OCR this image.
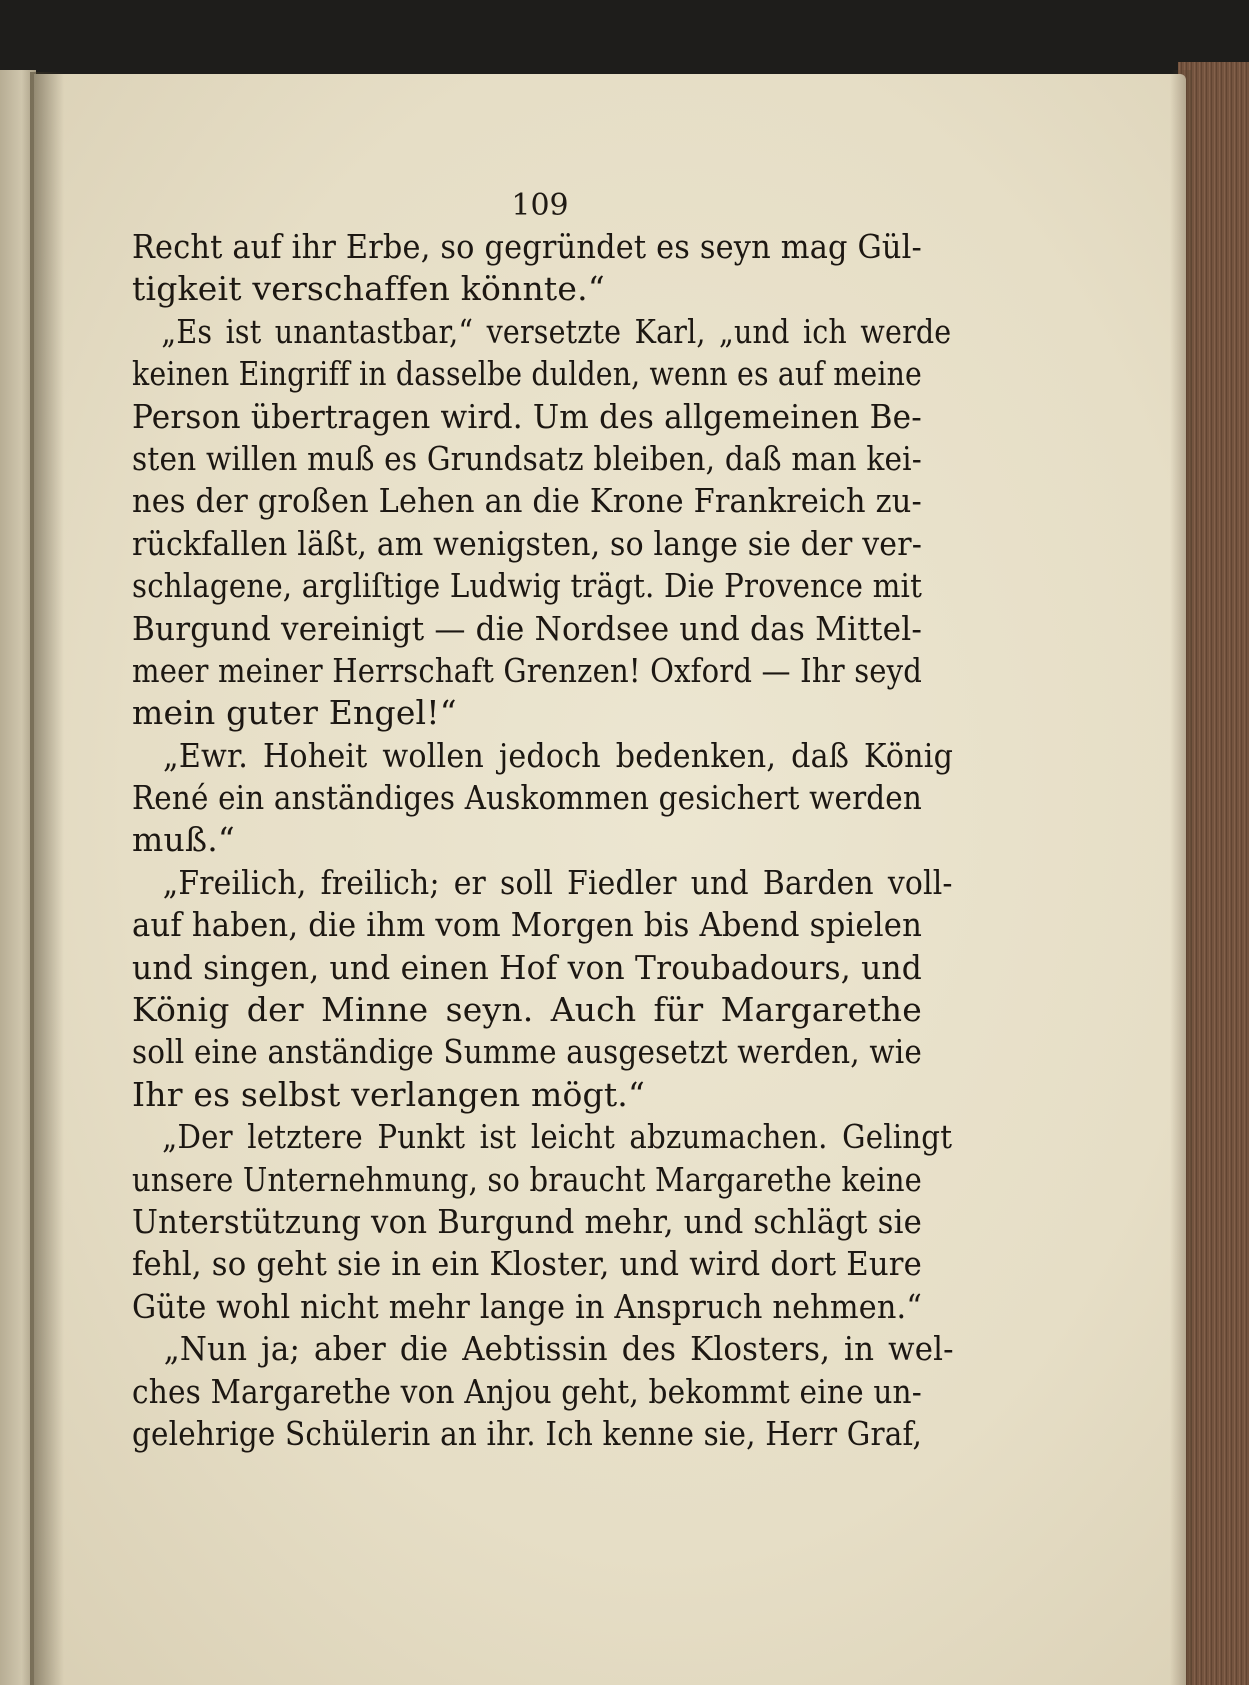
109
Recht auf ihr Erbe, so gegründet es seyn mag Gül-
tigkeit verschaffen könnte.“
„Es ist unantastbar,“ versetzte Karl, „und ich werde
keinen Eingriff in dasselbe dulden, wenn es auf meine
Person übertragen wird. Um des allgemeinen Be-
sten willen muß es Grundsatz bleiben, daß man kei-
nes der großen Lehen an die Krone Frankreich zu-
rückfallen läßt, am wenigsten, so lange sie der ver-
schlagene, argliſtige Ludwig trägt. Die Provence mit
Burgund vereinigt — die Nordsee und das Mittel-
meer meiner Herrschaft Grenzen! Oxford — Ihr seyd
mein guter Engel!“
„Ewr. Hoheit wollen jedoch bedenken, daß König
René ein anständiges Auskommen gesichert werden
muß.“
„Freilich, freilich; er soll Fiedler und Barden voll-
auf haben, die ihm vom Morgen bis Abend spielen
und singen, und einen Hof von Troubadours, und
König der Minne seyn. Auch für Margarethe
soll eine anständige Summe ausgesetzt werden, wie
Ihr es selbst verlangen mögt.“
„Der letztere Punkt ist leicht abzumachen. Gelingt
unsere Unternehmung, so braucht Margarethe keine
Unterstützung von Burgund mehr, und schlägt sie
fehl, so geht sie in ein Kloster, und wird dort Eure
Güte wohl nicht mehr lange in Anspruch nehmen.“
„Nun ja; aber die Aebtissin des Klosters, in wel-
ches Margarethe von Anjou geht, bekommt eine un-
gelehrige Schülerin an ihr. Ich kenne sie, Herr Graf,
